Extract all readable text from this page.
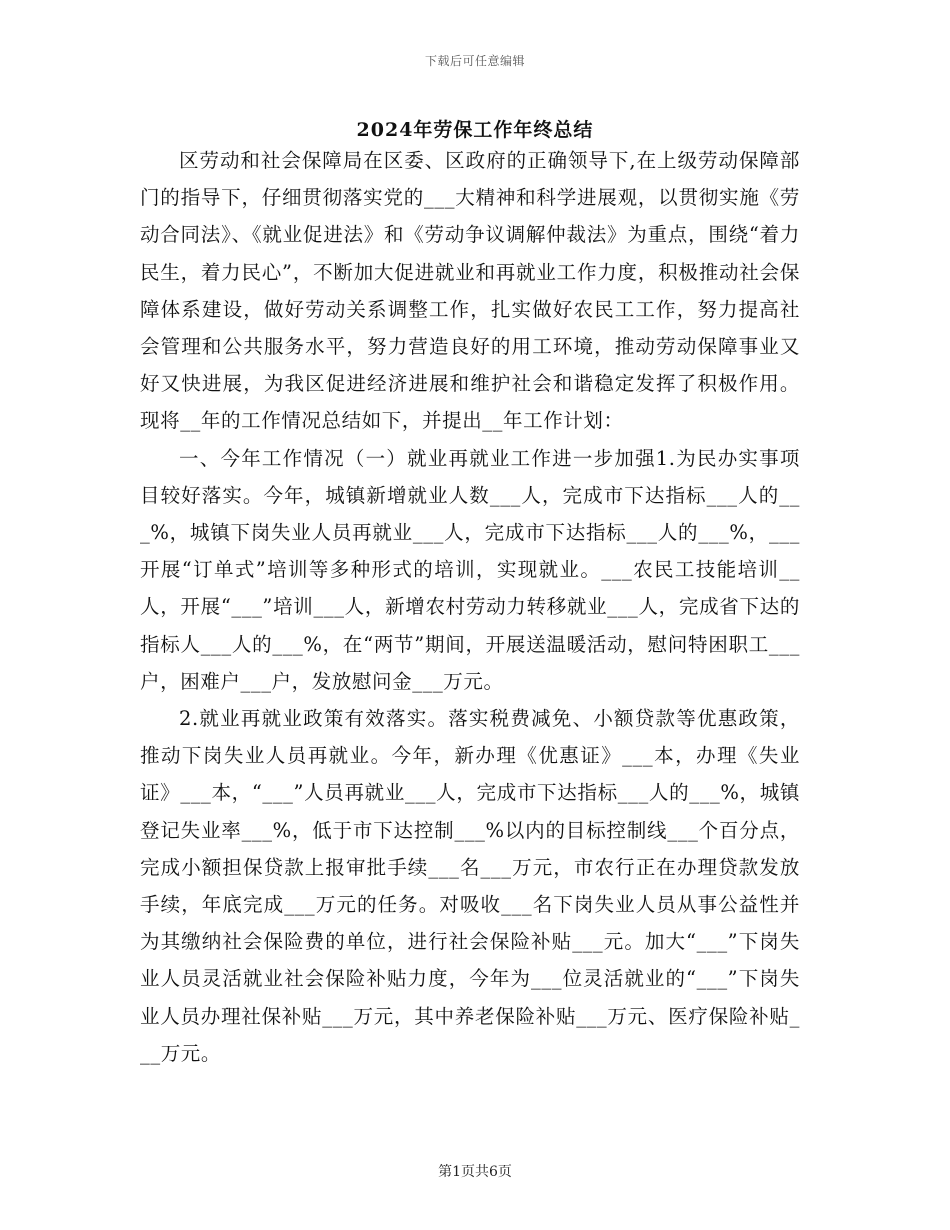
下载后可任意编辑
2024年劳保工作年终总结

区劳动和社会保障局在区委、区政府的正确领导下,在上级劳动保障部门的指导下，仔细贯彻落实党的___大精神和科学进展观，以贯彻实施《劳动合同法》、《就业促进法》和《劳动争议调解仲裁法》为重点，围绕“着力民生，着力民心”，不断加大促进就业和再就业工作力度，积极推动社会保障体系建设，做好劳动关系调整工作，扎实做好农民工工作，努力提高社会管理和公共服务水平，努力营造良好的用工环境，推动劳动保障事业又好又快进展，为我区促进经济进展和维护社会和谐稳定发挥了积极作用。现将__年的工作情况总结如下，并提出__年工作计划：

一、今年工作情况（一）就业再就业工作进一步加强1.为民办实事项目较好落实。今年，城镇新增就业人数___人，完成市下达指标___人的___%，城镇下岗失业人员再就业___人，完成市下达指标___人的___%，___开展“订单式”培训等多种形式的培训，实现就业。___农民工技能培训__人，开展“___”培训___人，新增农村劳动力转移就业___人，完成省下达的指标人___人的___%，在“两节”期间，开展送温暖活动，慰问特困职工___户，困难户___户，发放慰问金___万元。

2.就业再就业政策有效落实。落实税费减免、小额贷款等优惠政策，推动下岗失业人员再就业。今年，新办理《优惠证》___本，办理《失业证》___本，“___”人员再就业___人，完成市下达指标___人的___%，城镇登记失业率___%，低于市下达控制___%以内的目标控制线___个百分点，完成小额担保贷款上报审批手续___名___万元，市农行正在办理贷款发放手续，年底完成___万元的任务。对吸收___名下岗失业人员从事公益性并为其缴纳社会保险费的单位，进行社会保险补贴___元。加大“___”下岗失业人员灵活就业社会保险补贴力度，今年为___位灵活就业的“___”下岗失业人员办理社保补贴___万元，其中养老保险补贴___万元、医疗保险补贴___万元。

第1页共6页
